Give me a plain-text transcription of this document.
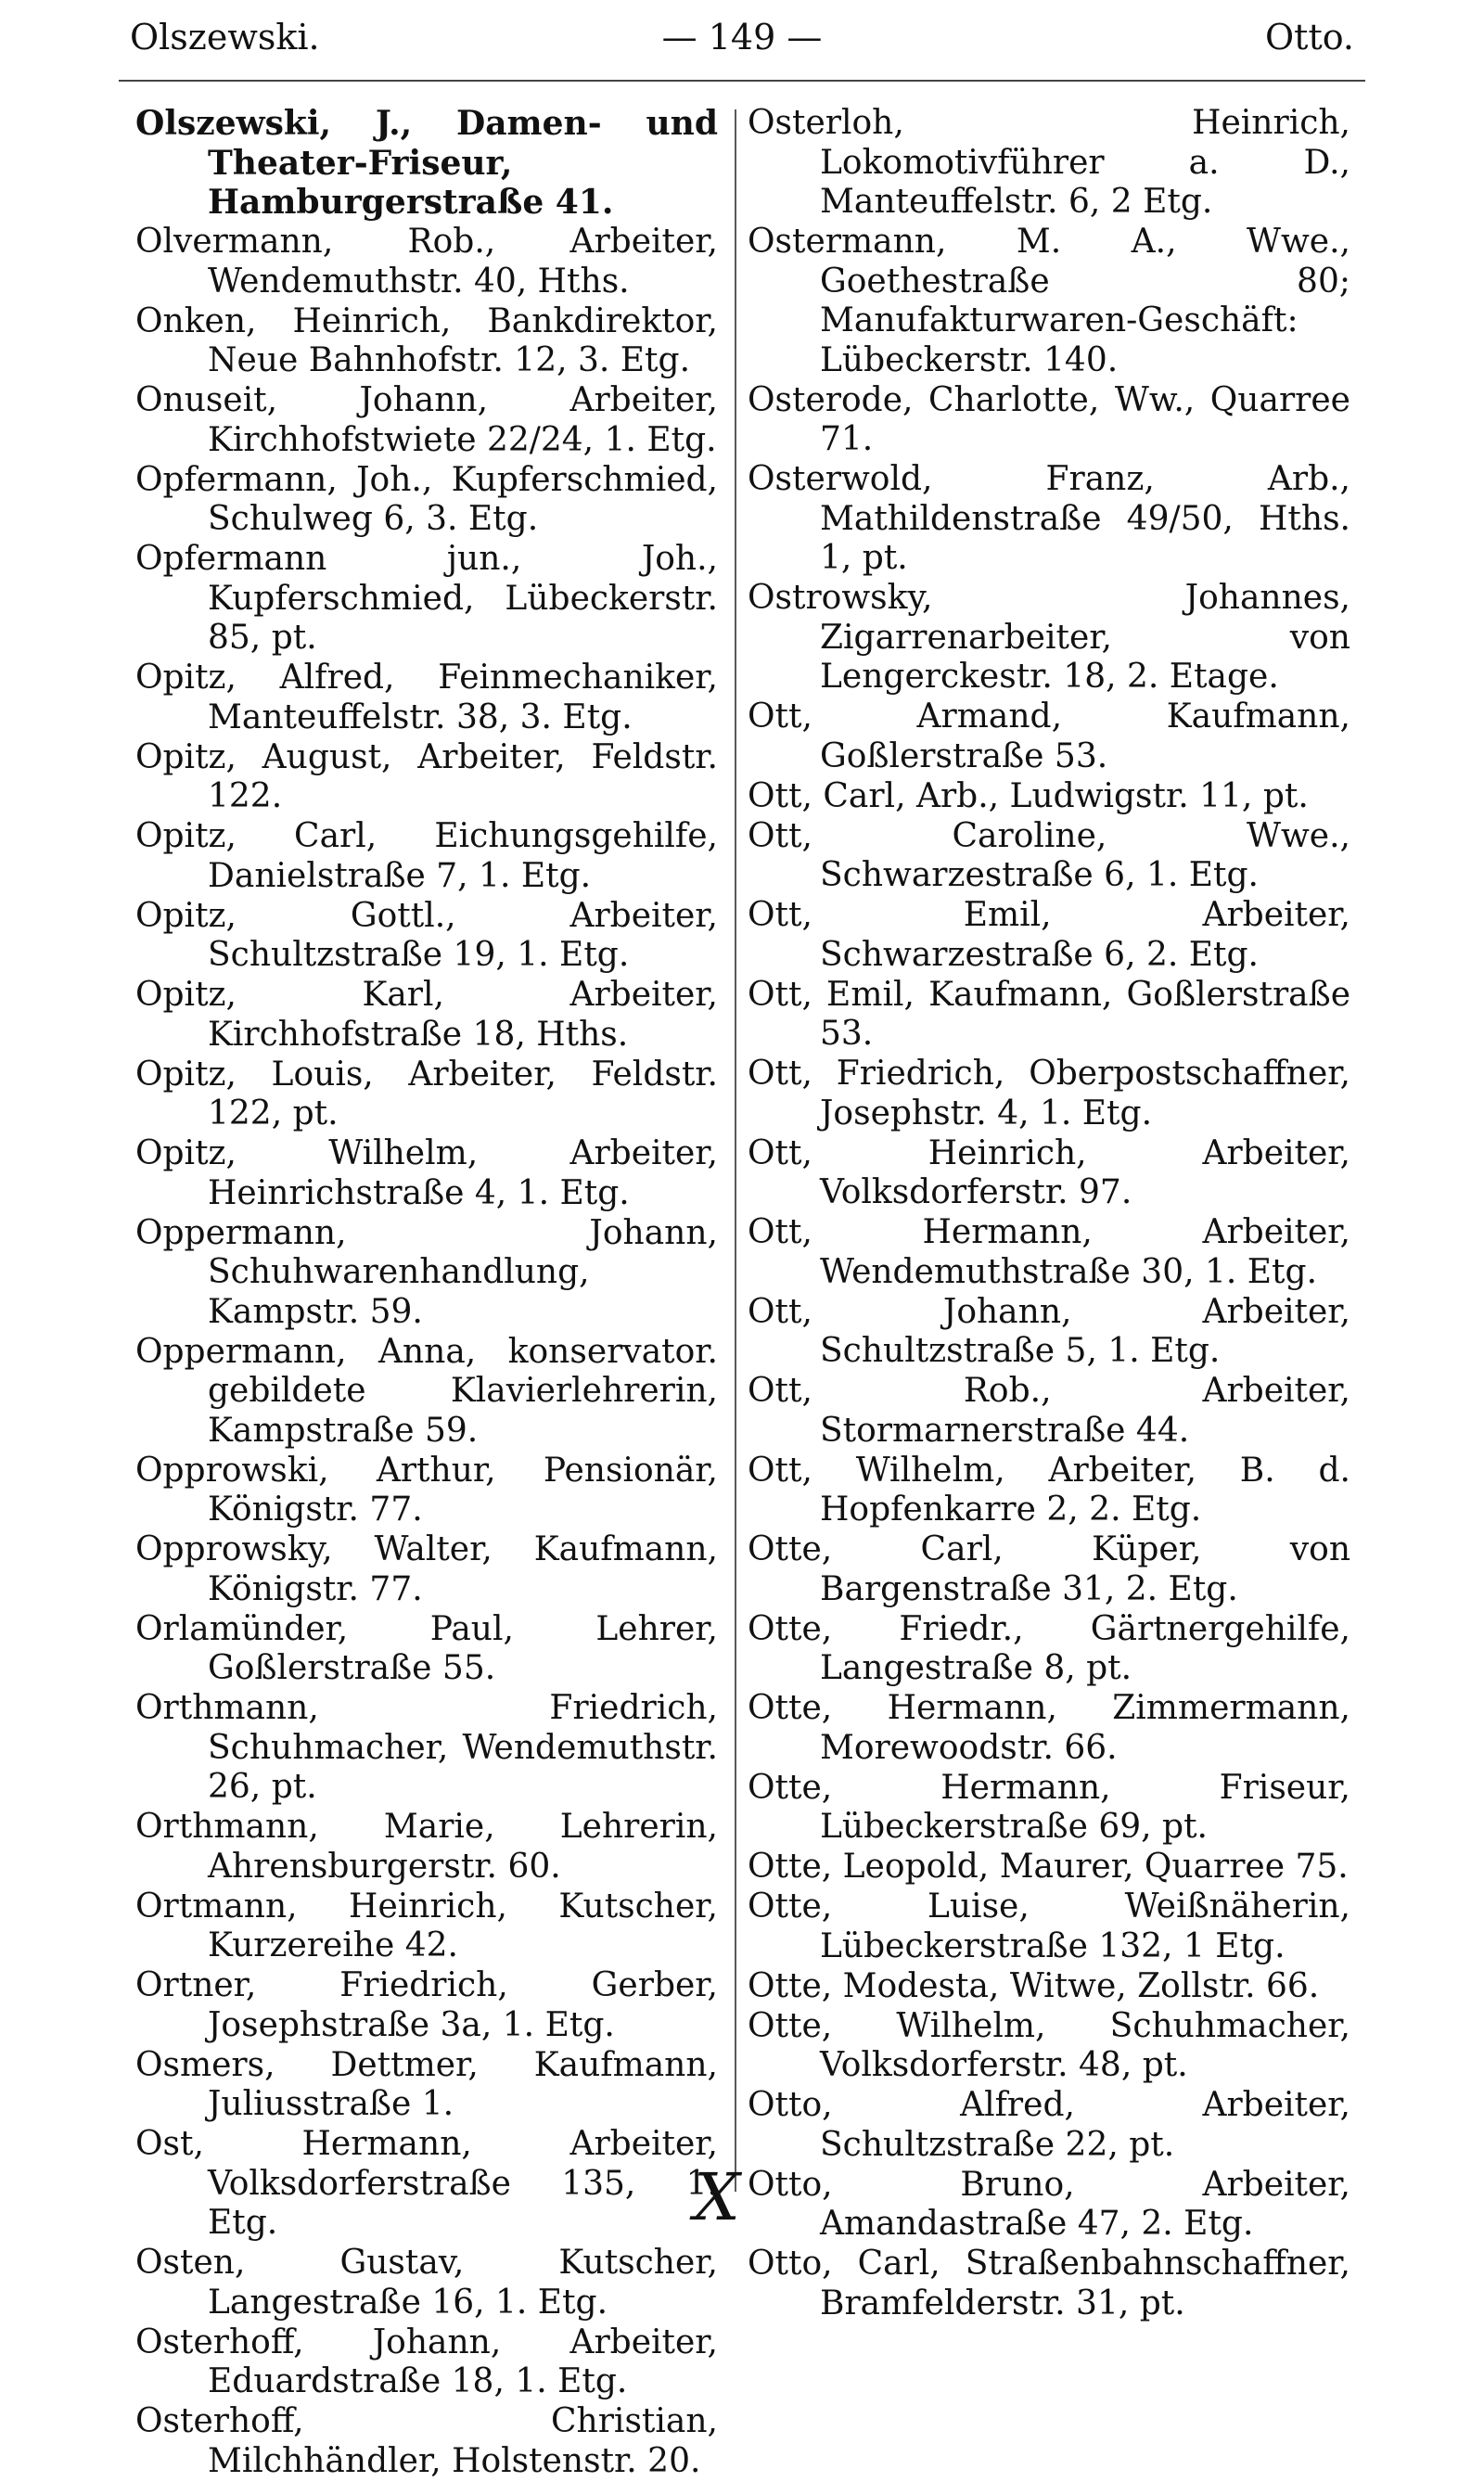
Olszewski.	— 149 —	Otto.

Olszewski, J., Damen- und Theater-Friseur, Hamburgerstraße 41.

Olvermann, Rob., Arbeiter, Wendemuthstr. 40, Hths.

Onken, Heinrich, Bankdirektor, Neue Bahnhofstr. 12, 3. Etg.

Onuseit, Johann, Arbeiter, Kirchhofstwiete 22/24, 1. Etg.

Opfermann, Joh., Kupferschmied, Schulweg 6, 3. Etg.

Opfermann jun., Joh., Kupferschmied, Lübeckerstr. 85, pt.

Opitz, Alfred, Feinmechaniker, Manteuffelstr. 38, 3. Etg.

Opitz, August, Arbeiter, Feldstr. 122.

Opitz, Carl, Eichungsgehilfe, Danielstraße 7, 1. Etg.

Opitz, Gottl., Arbeiter, Schultzstraße 19, 1. Etg.

Opitz, Karl, Arbeiter, Kirchhofstraße 18, Hths.

Opitz, Louis, Arbeiter, Feldstr. 122, pt.

Opitz, Wilhelm, Arbeiter, Heinrichstraße 4, 1. Etg.

Oppermann, Johann, Schuhwarenhandlung, Kampstr. 59.

Oppermann, Anna, konservator. gebildete Klavierlehrerin, Kampstraße 59.

Opprowski, Arthur, Pensionär, Königstr. 77.

Opprowsky, Walter, Kaufmann, Königstr. 77.

Orlamünder, Paul, Lehrer, Goßlerstraße 55.

Orthmann, Friedrich, Schuhmacher, Wendemuthstr. 26, pt.

Orthmann, Marie, Lehrerin, Ahrensburgerstr. 60.

Ortmann, Heinrich, Kutscher, Kurzereihe 42.

Ortner, Friedrich, Gerber, Josephstraße 3a, 1. Etg.

Osmers, Dettmer, Kaufmann, Juliusstraße 1.

Ost, Hermann, Arbeiter, Volksdorferstraße 135, 1. Etg.

Osten, Gustav, Kutscher, Langestraße 16, 1. Etg.

Osterhoff, Johann, Arbeiter, Eduardstraße 18, 1. Etg.

Osterhoff, Christian, Milchhändler, Holstenstr. 20.

Osterloh, Heinrich, Lokomotivführer a. D., Manteuffelstr. 6, 2 Etg.

Ostermann, M. A., Wwe., Goethestraße 80; Manufakturwaren-Geschäft: Lübeckerstr. 140.

Osterode, Charlotte, Ww., Quarree 71.

Osterwold, Franz, Arb., Mathildenstraße 49/50, Hths. 1, pt.

Ostrowsky, Johannes, Zigarrenarbeiter, von Lengerckestr. 18, 2. Etage.

Ott, Armand, Kaufmann, Goßlerstraße 53.

Ott, Carl, Arb., Ludwigstr. 11, pt.

Ott, Caroline, Wwe., Schwarzestraße 6, 1. Etg.

Ott, Emil, Arbeiter, Schwarzestraße 6, 2. Etg.

Ott, Emil, Kaufmann, Goßlerstraße 53.

Ott, Friedrich, Oberpostschaffner, Josephstr. 4, 1. Etg.

Ott, Heinrich, Arbeiter, Volksdorferstr. 97.

Ott, Hermann, Arbeiter, Wendemuthstraße 30, 1. Etg.

Ott, Johann, Arbeiter, Schultzstraße 5, 1. Etg.

Ott, Rob., Arbeiter, Stormarnerstraße 44.

Ott, Wilhelm, Arbeiter, B. d. Hopfenkarre 2, 2. Etg.

Otte, Carl, Küper, von Bargenstraße 31, 2. Etg.

Otte, Friedr., Gärtnergehilfe, Langestraße 8, pt.

Otte, Hermann, Zimmermann, Morewoodstr. 66.

Otte, Hermann, Friseur, Lübeckerstraße 69, pt.

Otte, Leopold, Maurer, Quarree 75.

Otte, Luise, Weißnäherin, Lübeckerstraße 132, 1 Etg.

Otte, Modesta, Witwe, Zollstr. 66.

Otte, Wilhelm, Schuhmacher, Volksdorferstr. 48, pt.

Otto, Alfred, Arbeiter, Schultzstraße 22, pt.

Otto, Bruno, Arbeiter, Amandastraße 47, 2. Etg.

Otto, Carl, Straßenbahnschaffner, Bramfelderstr. 31, pt.

X
